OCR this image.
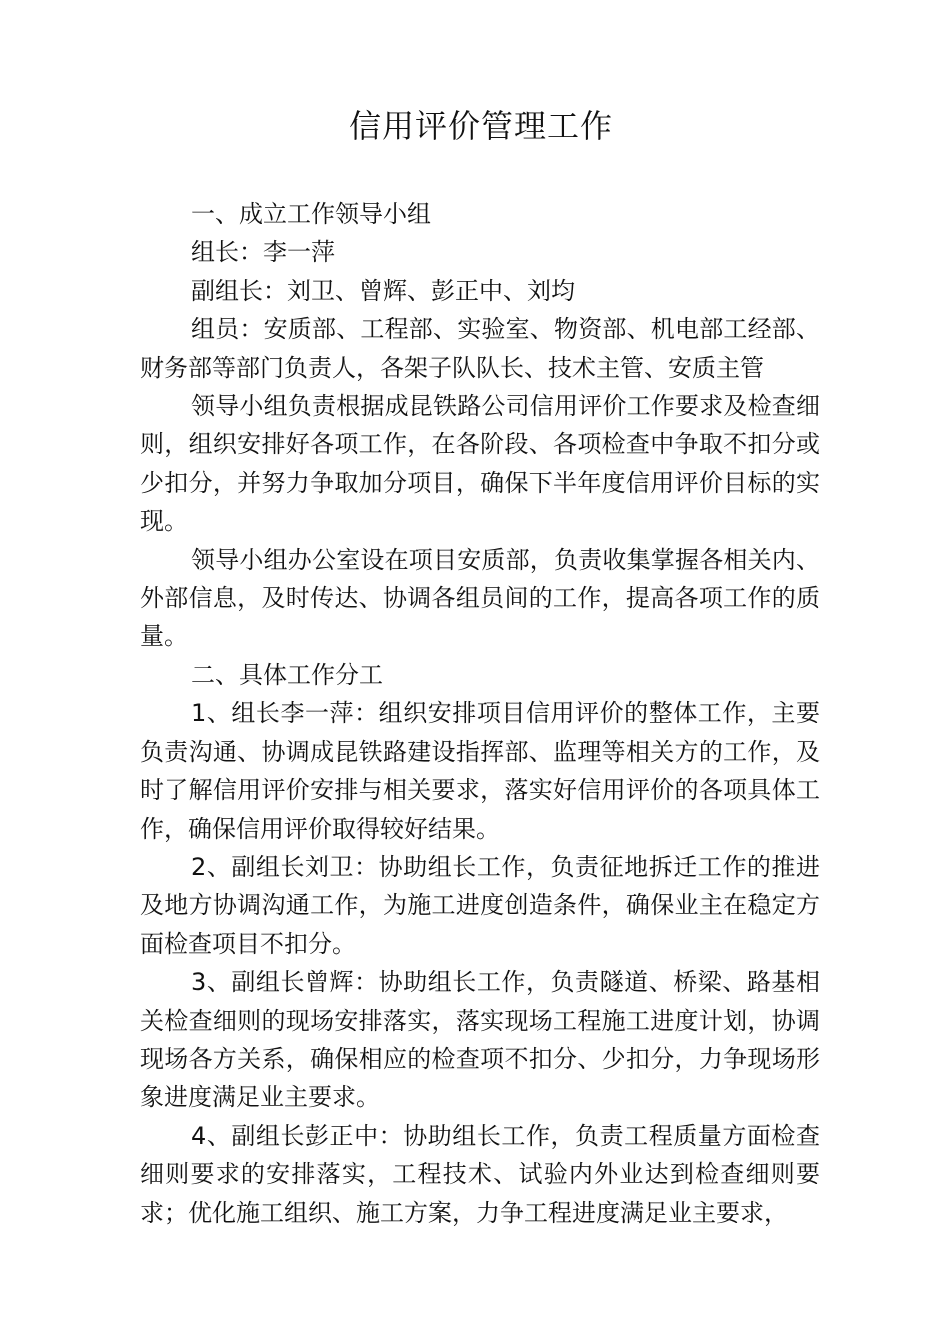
信用评价管理工作

一、成立工作领导小组

组长：李一萍

副组长：刘卫、曾辉、彭正中、刘均

组员：安质部、工程部、实验室、物资部、机电部工经部、财务部等部门负责人，各架子队队长、技术主管、安质主管

领导小组负责根据成昆铁路公司信用评价工作要求及检查细则，组织安排好各项工作，在各阶段、各项检查中争取不扣分或少扣分，并努力争取加分项目，确保下半年度信用评价目标的实现。

领导小组办公室设在项目安质部，负责收集掌握各相关内、外部信息，及时传达、协调各组员间的工作，提高各项工作的质量。

二、具体工作分工

1、组长李一萍：组织安排项目信用评价的整体工作，主要负责沟通、协调成昆铁路建设指挥部、监理等相关方的工作，及时了解信用评价安排与相关要求，落实好信用评价的各项具体工作，确保信用评价取得较好结果。

2、副组长刘卫：协助组长工作，负责征地拆迁工作的推进及地方协调沟通工作，为施工进度创造条件，确保业主在稳定方面检查项目不扣分。

3、副组长曾辉：协助组长工作，负责隧道、桥梁、路基相关检查细则的现场安排落实，落实现场工程施工进度计划，协调现场各方关系，确保相应的检查项不扣分、少扣分，力争现场形象进度满足业主要求。

4、副组长彭正中：协助组长工作，负责工程质量方面检查细则要求的安排落实，工程技术、试验内外业达到检查细则要求；优化施工组织、施工方案，力争工程进度满足业主要求，
